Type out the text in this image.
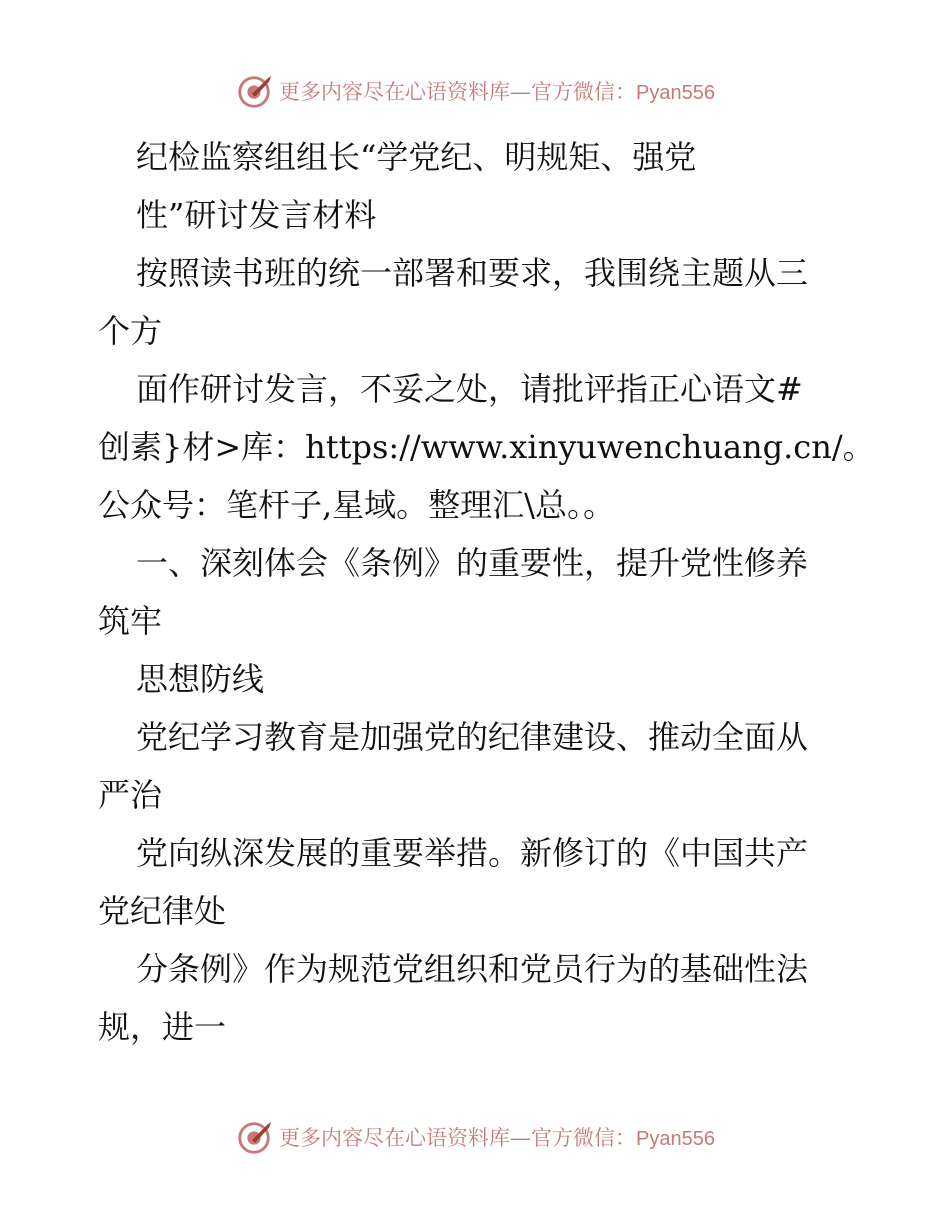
更多内容尽在心语资料库—官方微信：Pyan556

纪检监察组组长“学党纪、明规矩、强党

性”研讨发言材料

按照读书班的统一部署和要求，我围绕主题从三

个方

面作研讨发言，不妥之处，请批评指正心语文#

创素}材>库：https://www.xinyuwenchuang.cn/。

公众号：笔杆子,星域。整理汇\总。。

一、深刻体会《条例》的重要性，提升党性修养

筑牢

思想防线

党纪学习教育是加强党的纪律建设、推动全面从

严治

党向纵深发展的重要举措。新修订的《中国共产

党纪律处

分条例》作为规范党组织和党员行为的基础性法

规，进一

更多内容尽在心语资料库—官方微信：Pyan556
